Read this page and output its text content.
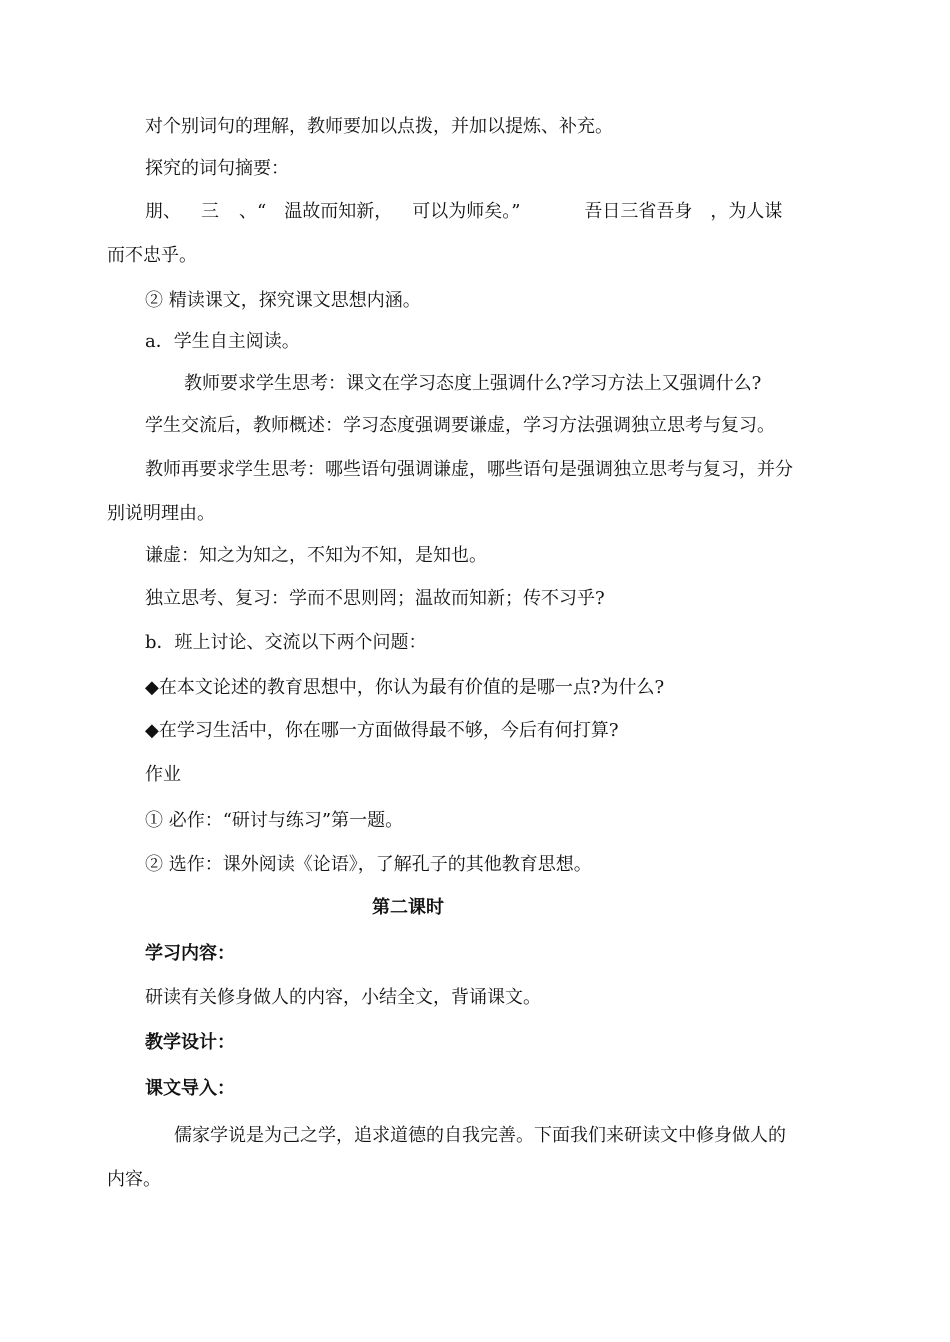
对个别词句的理解，教师要加以点拨，并加以提炼、补充。
探究的词句摘要：
朋、 三 、“ 温故而知新， 可以为师矣。”	吾日三省吾身 ，为人谋
而不忠乎。
② 精读课文，探究课文思想内涵。
a．学生自主阅读。
教师要求学生思考：课文在学习态度上强调什么?学习方法上又强调什么?
学生交流后，教师概述：学习态度强调要谦虚，学习方法强调独立思考与复习。
教师再要求学生思考：哪些语句强调谦虚，哪些语句是强调独立思考与复习，并分
别说明理由。
谦虚：知之为知之，不知为不知，是知也。
独立思考、复习：学而不思则罔；温故而知新；传不习乎?
b．班上讨论、交流以下两个问题：
◆在本文论述的教育思想中，你认为最有价值的是哪一点?为什么?
◆在学习生活中，你在哪一方面做得最不够，今后有何打算?
作业
① 必作：“研讨与练习”第一题。
② 选作：课外阅读《论语》，了解孔子的其他教育思想。
第二课时
学习内容：
研读有关修身做人的内容，小结全文，背诵课文。
教学设计：
课文导入：
儒家学说是为己之学，追求道德的自我完善。下面我们来研读文中修身做人的
内容。
